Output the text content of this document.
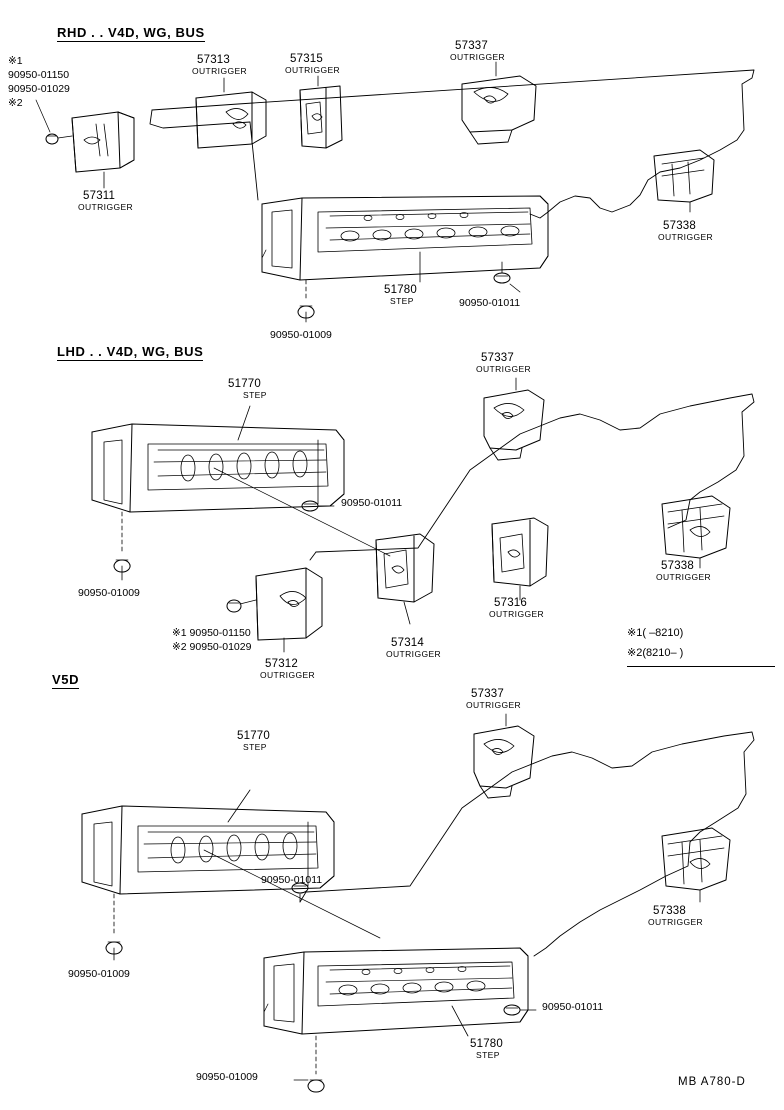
RHD . . V4D, WG, BUS
※1
90950-01150
90950-01029
※2
57311
OUTRIGGER
57313
OUTRIGGER
57315
OUTRIGGER
57337
OUTRIGGER
57338
OUTRIGGER
51780
STEP	90950-01011
90950-01009
LHD . . V4D, WG, BUS
51770
STEP
57337
OUTRIGGER
57338
OUTRIGGER
57316
OUTRIGGER
57314
OUTRIGGER
57312
OUTRIGGER
90950-01011
90950-01009
※1 90950-01150
※2 90950-01029
※1( –8210)
※2(8210– )
V5D
51770
STEP
57337
OUTRIGGER
57338
OUTRIGGER
90950-01011
90950-01011
90950-01009
90950-01009
51780
STEP
MB A780-D
